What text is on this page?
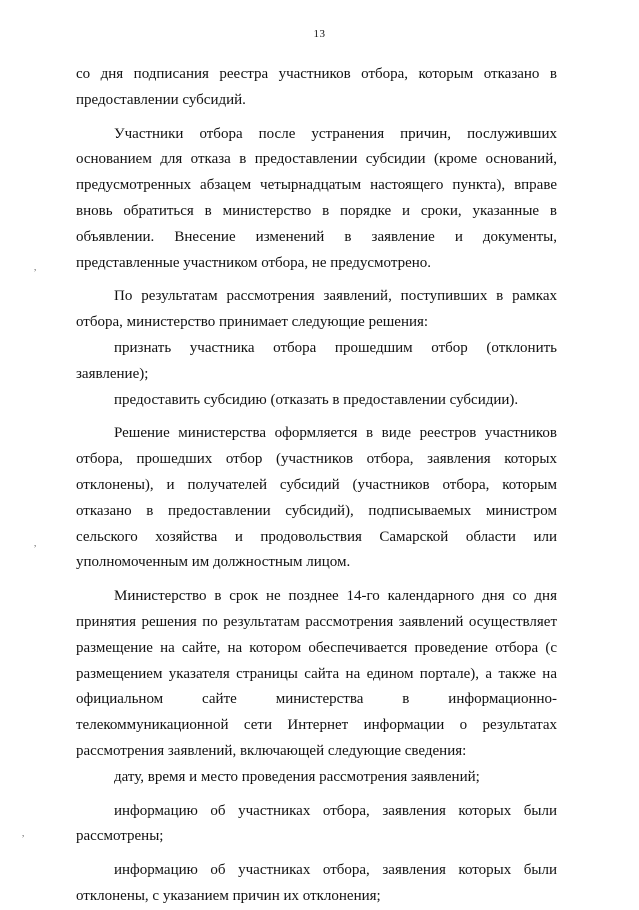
13

со дня подписания реестра участников отбора, которым отказано в предоставлении субсидий.

Участники отбора после устранения причин, послуживших основанием для отказа в предоставлении субсидии (кроме оснований, предусмотренных абзацем четырнадцатым настоящего пункта), вправе вновь обратиться в министерство в порядке и сроки, указанные в объявлении. Внесение изменений в заявление и документы, представленные участником отбора, не предусмотрено.

По результатам рассмотрения заявлений, поступивших в рамках отбора, министерство принимает следующие решения:

признать участника отбора прошедшим отбор (отклонить заявление);

предоставить субсидию (отказать в предоставлении субсидии).

Решение министерства оформляется в виде реестров участников отбора, прошедших отбор (участников отбора, заявления которых отклонены), и получателей субсидий (участников отбора, которым отказано в предоставлении субсидий), подписываемых министром сельского хозяйства и продовольствия Самарской области или уполномоченным им должностным лицом.

Министерство в срок не позднее 14-го календарного дня со дня принятия решения по результатам рассмотрения заявлений осуществляет размещение на сайте, на котором обеспечивается проведение отбора (с размещением указателя страницы сайта на едином портале), а также на официальном сайте министерства в информационно-телекоммуникационной сети Интернет информации о результатах рассмотрения заявлений, включающей следующие сведения:

дату, время и место проведения рассмотрения заявлений;

информацию об участниках отбора, заявления которых были рассмотрены;

информацию об участниках отбора, заявления которых были отклонены, с указанием причин их отклонения;

,
,
,
